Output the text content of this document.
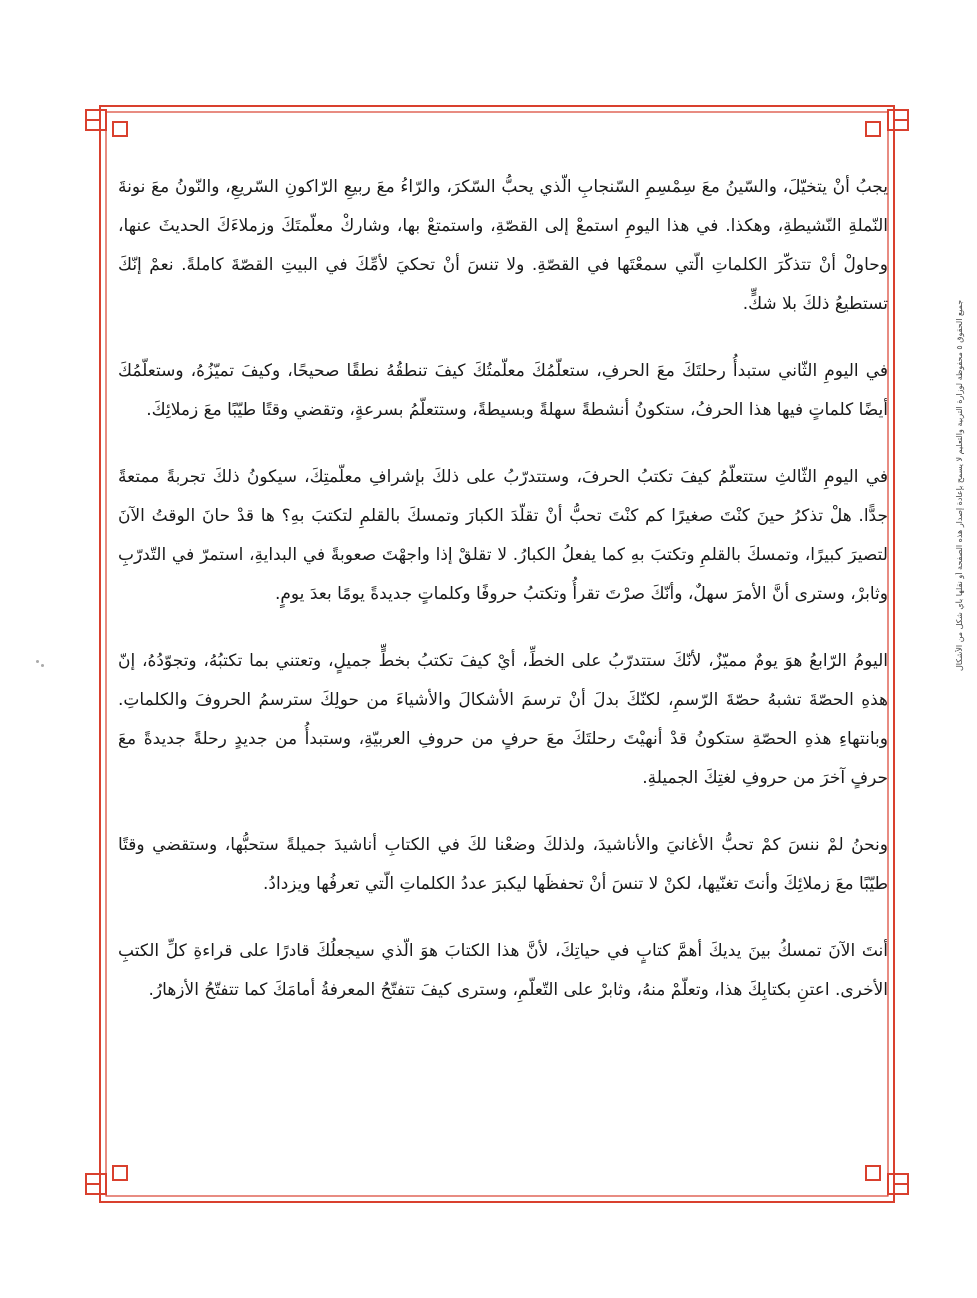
يجبُ أنْ يتخيّلَ، والسّينُ معَ سِمْسِمِ السّنجابِ الّذي يحبُّ السّكرَ، والرّاءُ معَ ربيعِ الرّاكونِ السّريعِ، والنّونُ معَ نونةَ النّملةِ النّشيطةِ، وهكذا. في هذا اليومِ استمعْ إلى القصّةِ، واستمتعْ بها، وشاركْ معلّمتَكَ وزملاءَكَ الحديثَ عنها، وحاولْ أنْ تتذكّرَ الكلماتِ الّتي سمعْتَها في القصّةِ. ولا تنسَ أنْ تحكيَ لأمِّكَ في البيتِ القصّةَ كاملةً. نعمْ إنّكَ تستطيعُ ذلكَ بلا شكٍّ.

في اليومِ الثّاني ستبدأُ رحلتَكَ معَ الحرفِ، ستعلّمُكَ معلّمتُكَ كيفَ تنطقُهُ نطقًا صحيحًا، وكيفَ تميّزُهُ، وستعلّمُكَ أيضًا كلماتٍ فيها هذا الحرفُ، ستكونُ أنشطةً سهلةً وبسيطةً، وستتعلّمُ بسرعةٍ، وتقضي وقتًا طيّبًا معَ زملائِكَ.

في اليومِ الثّالثِ ستتعلّمُ كيفَ تكتبُ الحرفَ، وستتدرّبُ على ذلكَ بإشرافِ معلّمتِكَ، سيكونُ ذلكَ تجربةً ممتعةً جدًّا. هلْ تذكرُ حينَ كنْتَ صغيرًا كم كنْتَ تحبُّ أنْ تقلّدَ الكبارَ وتمسكَ بالقلمِ لتكتبَ بهِ؟ ها قدْ حانَ الوقتُ الآنَ لتصيرَ كبيرًا، وتمسكَ بالقلمِ وتكتبَ بهِ كما يفعلُ الكبارُ. لا تقلقْ إذا واجهْتَ صعوبةً في البدايةِ، استمرّ في التّدرّبِ وثابرْ، وسترى أنَّ الأمرَ سهلٌ، وأنّكَ صرْتَ تقرأُ وتكتبُ حروفًا وكلماتٍ جديدةً يومًا بعدَ يومٍ.

اليومُ الرّابعُ هوَ يومٌ مميّزٌ، لأنّكَ ستتدرّبُ على الخطِّ، أيْ كيفَ تكتبُ بخطٍّ جميلٍ، وتعتني بما تكتبُهُ، وتجوّدُهُ، إنّ هذهِ الحصّةَ تشبهُ حصّةَ الرّسمِ، لكنّكَ بدلَ أنْ ترسمَ الأشكالَ والأشياءَ من حولِكَ سترسمُ الحروفَ والكلماتِ. وبانتهاءِ هذهِ الحصّةِ ستكونُ قدْ أنهيْتَ رحلتَكَ معَ حرفٍ من حروفِ العربيّةِ، وستبدأُ من جديدٍ رحلةً جديدةً معَ حرفٍ آخرَ من حروفِ لغتِكَ الجميلةِ.

ونحنُ لمْ ننسَ كمْ تحبُّ الأغانيَ والأناشيدَ، ولذلكَ وضعْنا لكَ في الكتابِ أناشيدَ جميلةً ستحبُّها، وستقضي وقتًا طيّبًا معَ زملائِكَ وأنتَ تغنّيها، لكنْ لا تنسَ أنْ تحفظَها ليكبرَ عددُ الكلماتِ الّتي تعرفُها ويزدادُ.

أنتَ الآنَ تمسكُ بينَ يديكَ أهمَّ كتابٍ في حياتِكَ، لأنَّ هذا الكتابَ هوَ الّذي سيجعلُكَ قادرًا على قراءةِ كلِّ الكتبِ الأخرى. اعتنِ بكتابِكَ هذا، وتعلّمْ منهُ، وثابرْ على التّعلّمِ، وسترى كيفَ تتفتّحُ المعرفةُ أمامَكَ كما تتفتّحُ الأزهارُ.

جميع الحقوق ٥ محفوظة لوزارة التربية والتعليم لا يسمح بإعادة إصدار هذه الصفحة أو نقلها بأي شكل من الأشكال
